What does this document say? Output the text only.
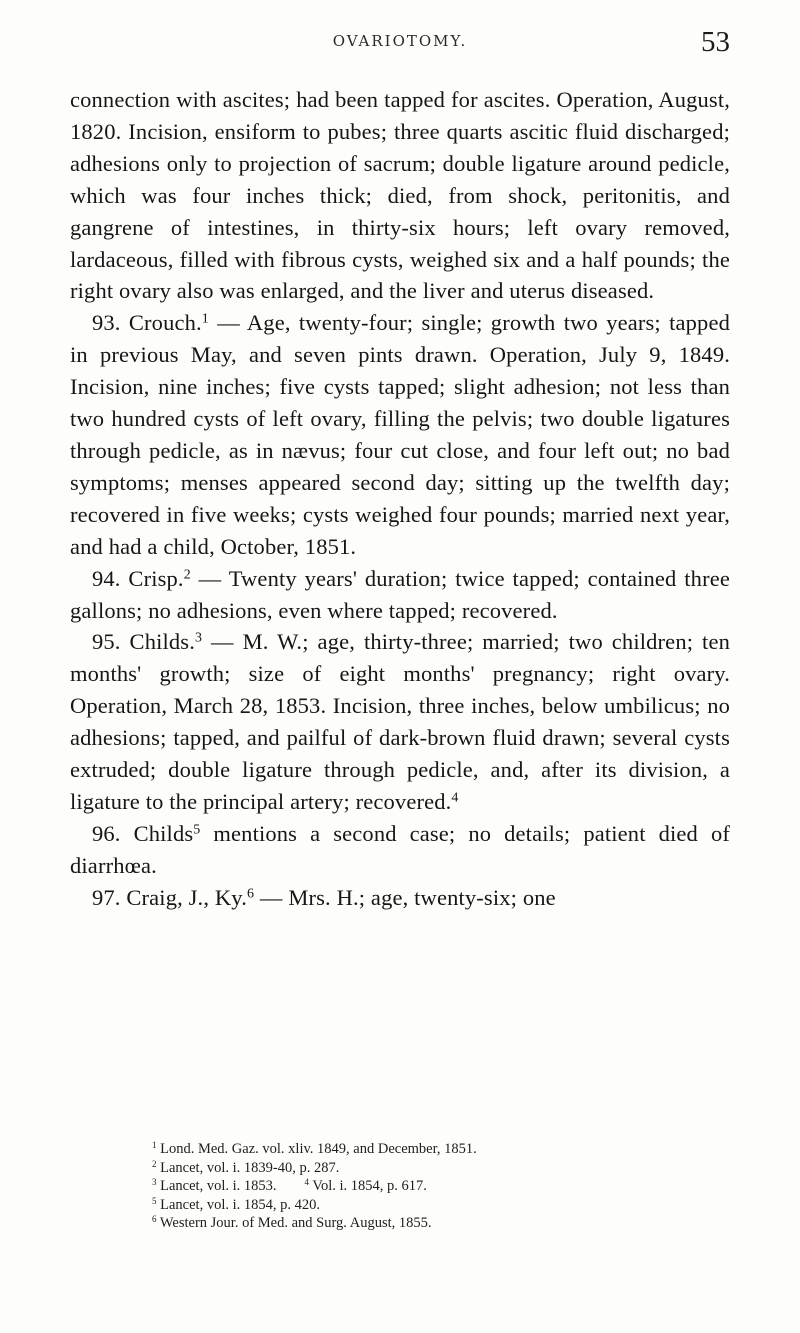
OVARIOTOMY.	53

connection with ascites; had been tapped for ascites. Operation, August, 1820. Incision, ensiform to pubes; three quarts ascitic fluid discharged; adhesions only to projection of sacrum; double ligature around pedicle, which was four inches thick; died, from shock, peritonitis, and gangrene of intestines, in thirty-six hours; left ovary removed, lardaceous, filled with fibrous cysts, weighed six and a half pounds; the right ovary also was enlarged, and the liver and uterus diseased.

93. Crouch.$^1$ — Age, twenty-four; single; growth two years; tapped in previous May, and seven pints drawn. Operation, July 9, 1849. Incision, nine inches; five cysts tapped; slight adhesion; not less than two hundred cysts of left ovary, filling the pelvis; two double ligatures through pedicle, as in nævus; four cut close, and four left out; no bad symptoms; menses appeared second day; sitting up the twelfth day; recovered in five weeks; cysts weighed four pounds; married next year, and had a child, October, 1851.

94. Crisp.$^2$ — Twenty years' duration; twice tapped; contained three gallons; no adhesions, even where tapped; recovered.

95. Childs.$^3$ — M. W.; age, thirty-three; married; two children; ten months' growth; size of eight months' pregnancy; right ovary. Operation, March 28, 1853. Incision, three inches, below umbilicus; no adhesions; tapped, and pailful of dark-brown fluid drawn; several cysts extruded; double ligature through pedicle, and, after its division, a ligature to the principal artery; recovered.$^4$

96. Childs$^5$ mentions a second case; no details; patient died of diarrhœa.

97. Craig, J., Ky.$^6$ — Mrs. H.; age, twenty-six; one

$^1$ Lond. Med. Gaz. vol. xliv. 1849, and December, 1851.
$^2$ Lancet, vol. i. 1839-40, p. 287.
$^3$ Lancet, vol. i. 1853.	$^4$ Vol. i. 1854, p. 617.
$^5$ Lancet, vol. i. 1854, p. 420.
$^6$ Western Jour. of Med. and Surg. August, 1855.
